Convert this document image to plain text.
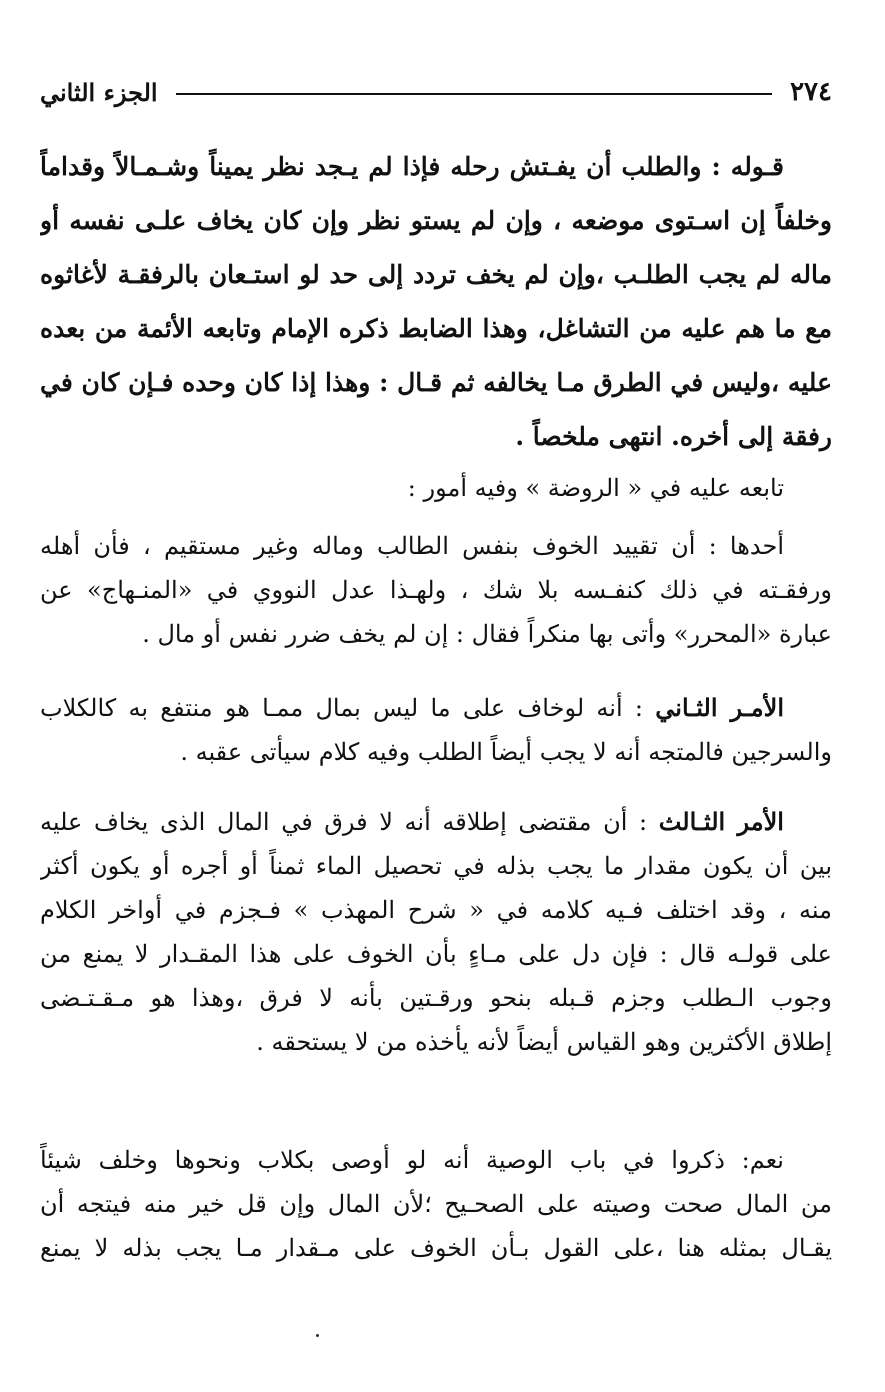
٢٧٤
الجزء الثاني
قـوله : والطلب أن يفـتش رحله فإذا لم يـجد نظر يميناً وشـمـالاً وقداماً
وخلفاً إن اسـتوى موضعه ، وإن لم يستو نظر وإن كان يخاف علـى نفسه أو
ماله لم يجب الطلـب ،وإن لم يخف تردد إلى حد لو استـعان بالرفقـة لأغاثوه
مع ما هم عليه من التشاغل، وهذا الضابط ذكره الإمام وتابعه الأئمة من بعده
عليه ،وليس في الطرق مـا يخالفه ثم قـال : وهذا إذا كان وحده فـإن كان في
رفقة إلى أخره. انتهى ملخصاً .
تابعه عليه في « الروضة » وفيه أمور :
أحدها : أن تقييد الخوف بنفس الطالب وماله وغير مستقيم ، فأن أهله
ورفقـته في ذلك كنفـسه بلا شك ، ولهـذا عدل النووي في «المنـهاج» عن
عبارة «المحرر» وأتى بها منكراً فقال : إن لم يخف ضرر نفس أو مال .
الأمـر الثـاني : أنه لوخاف على ما ليس بمال ممـا هو منتفع به كالكلاب
والسرجين فالمتجه أنه لا يجب أيضاً الطلب وفيه كلام سيأتى عقبه .
الأمر الثـالث : أن مقتضى إطلاقه أنه لا فرق في المال الذى يخاف عليه
بين أن يكون مقدار ما يجب بذله في تحصيل الماء ثمناً أو أجره أو يكون أكثر
منه ، وقد اختلف فـيه كلامه في « شرح المهذب » فـجزم في أواخر الكلام
على قولـه قال : فإن دل على مـاءٍ بأن الخوف على هذا المقـدار لا يمنع من
وجوب الـطلب وجزم قـبله بنحو ورقـتين بأنه لا فرق ،وهذا هو مـقـتـضى
إطلاق الأكثرين وهو القياس أيضاً لأنه يأخذه من لا يستحقه .
نعم: ذكروا في باب الوصية أنه لو أوصى بكلاب ونحوها وخلف شيئاً
من المال صحت وصيته على الصحـيح ؛لأن المال وإن قل خير منه فيتجه أن
يقـال بمثله هنا ،على القول بـأن الخوف على مـقدار مـا يجب بذله لا يمنع
